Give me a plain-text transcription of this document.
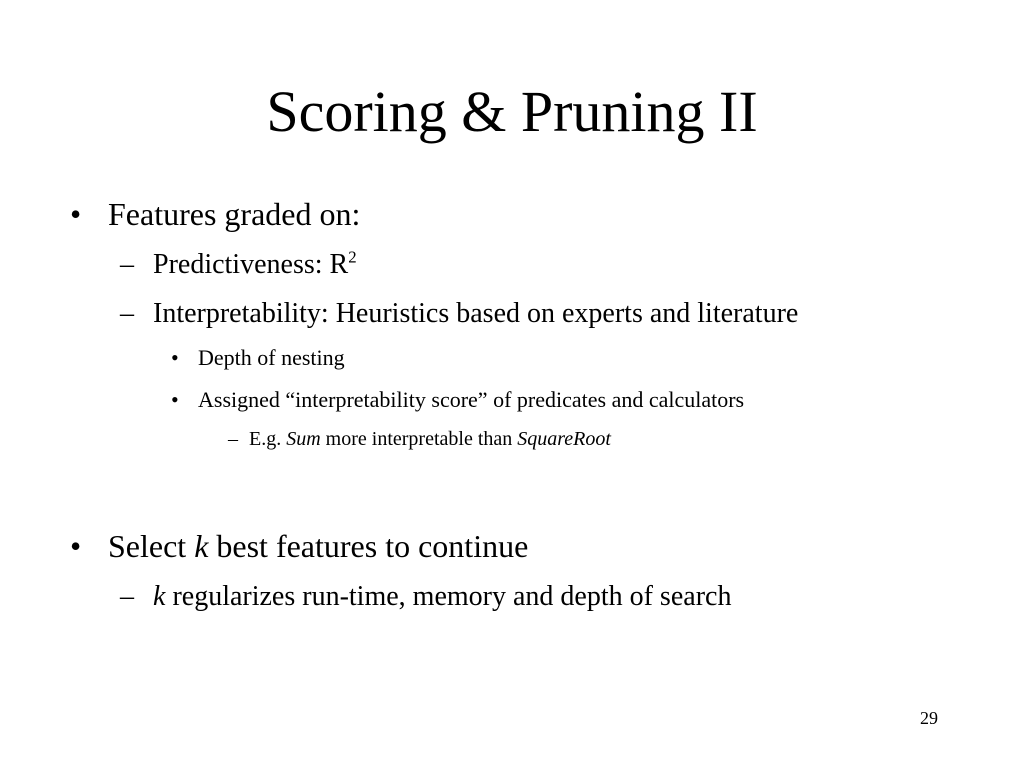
Scoring & Pruning II
• Features graded on:
– Predictiveness: $R^2$
– Interpretability: Heuristics based on experts and literature
• Depth of nesting
• Assigned “interpretability score” of predicates and calculators
– E.g. Sum more interpretable than SquareRoot
• Select k best features to continue
– k regularizes run-time, memory and depth of search
29
